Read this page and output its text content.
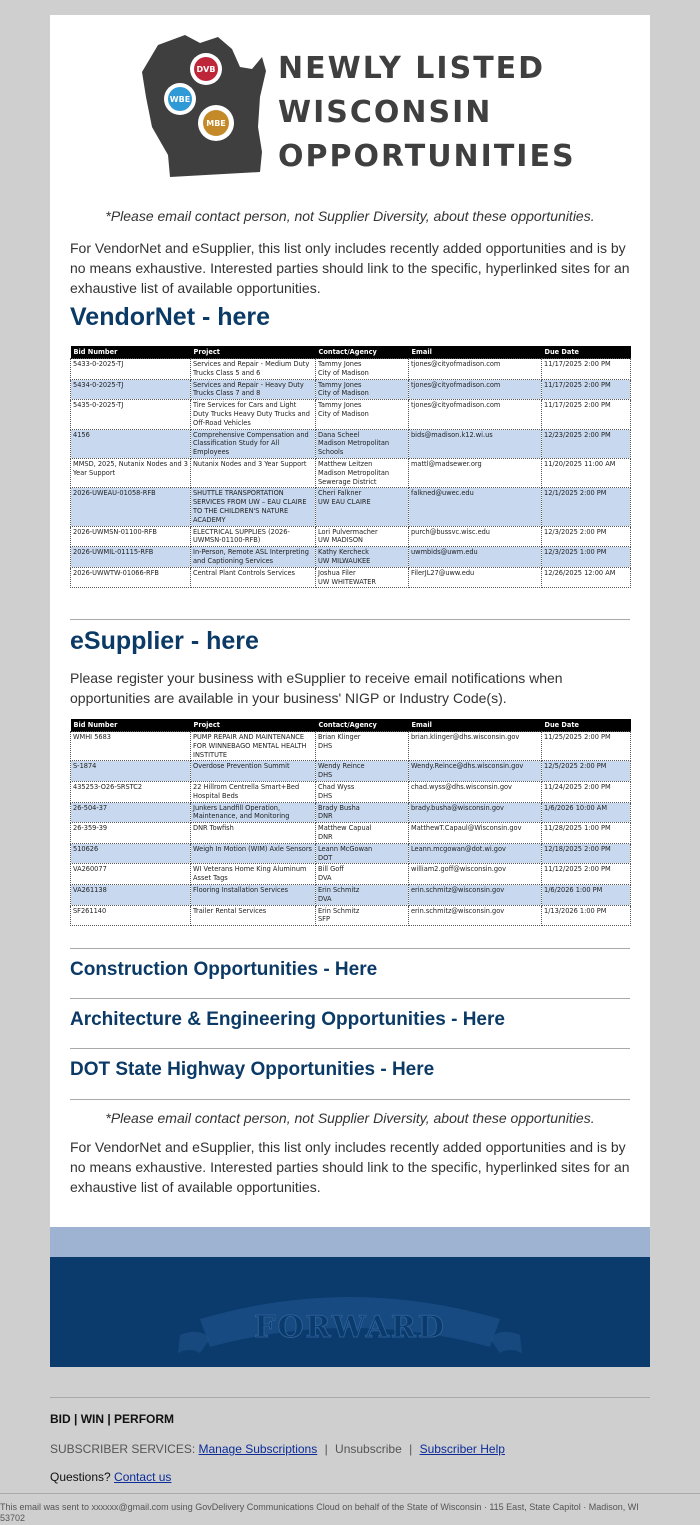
DVB
WBE
MBE
NEWLY LISTED
WISCONSIN
OPPORTUNITIES
*Please email contact person, not Supplier Diversity, about these opportunities.
For VendorNet and eSupplier, this list only includes recently added opportunities and is by no means exhaustive. Interested parties should link to the specific, hyperlinked sites for an exhaustive list of available opportunities.
VendorNet - here
Bid Number	Project	Contact/Agency	Email	Due Date
5433-0-2025-TJ	Services and Repair - Medium Duty Trucks Class 5 and 6	Tammy Jones
City of Madison	tjones@cityofmadison.com	11/17/2025 2:00 PM
5434-0-2025-TJ	Services and Repair - Heavy Duty Trucks Class 7 and 8	Tammy Jones
City of Madison	tjones@cityofmadison.com	11/17/2025 2:00 PM
5435-0-2025-TJ	Tire Services for Cars and Light Duty Trucks Heavy Duty Trucks and Off-Road Vehicles	Tammy Jones
City of Madison	tjones@cityofmadison.com	11/17/2025 2:00 PM
4156	Comprehensive Compensation and Classification Study for All Employees	Dana Scheel
Madison Metropolitan Schools	bids@madison.k12.wi.us	12/23/2025 2:00 PM
MMSD, 2025, Nutanix Nodes and 3 Year Support	Nutanix Nodes and 3 Year Support	Matthew Leitzen
Madison Metropolitan Sewerage District	mattl@madsewer.org	11/20/2025 11:00 AM
2026-UWEAU-01058-RFB	SHUTTLE TRANSPORTATION SERVICES FROM UW – EAU CLAIRE TO THE CHILDREN'S NATURE ACADEMY	Cheri Falkner
UW EAU CLAIRE	falkned@uwec.edu	12/1/2025 2:00 PM
2026-UWMSN-01100-RFB	ELECTRICAL SUPPLIES (2026-UWMSN-01100-RFB)	Lori Pulvermacher
UW MADISON	purch@bussvc.wisc.edu	12/3/2025 2:00 PM
2026-UWMIL-01115-RFB	In-Person, Remote ASL Interpreting and Captioning Services	Kathy Kercheck
UW MILWAUKEE	uwmbids@uwm.edu	12/3/2025 1:00 PM
2026-UWWTW-01066-RFB	Central Plant Controls Services	Joshua Filer
UW WHITEWATER	FilerJL27@uww.edu	12/26/2025 12:00 AM
eSupplier - here
Please register your business with eSupplier to receive email notifications when opportunities are available in your business' NIGP or Industry Code(s).
Bid Number	Project	Contact/Agency	Email	Due Date
WMHI 5683	PUMP REPAIR AND MAINTENANCE FOR WINNEBAGO MENTAL HEALTH INSTITUTE	Brian Klinger
DHS	brian.klinger@dhs.wisconsin.gov	11/25/2025 2:00 PM
S-1874	Overdose Prevention Summit	Wendy Reince
DHS	Wendy.Reince@dhs.wisconsin.gov	12/5/2025 2:00 PM
435253-O26-SRSTC2	22 Hillrom Centrella Smart+Bed Hospital Beds	Chad Wyss
DHS	chad.wyss@dhs.wisconsin.gov	11/24/2025 2:00 PM
26-504-37	Junkers Landfill Operation, Maintenance, and Monitoring	Brady Busha
DNR	brady.busha@wisconsin.gov	1/6/2026 10:00 AM
26-359-39	DNR Towfish	Matthew Capual
DNR	MatthewT.Capaul@Wisconsin.gov	11/28/2025 1:00 PM
510626	Weigh In Motion (WIM) Axle Sensors	Leann McGowan
DOT	Leann.mcgowan@dot.wi.gov	12/18/2025 2:00 PM
VA260077	WI Veterans Home King Aluminum Asset Tags	Bill Goff
DVA	william2.goff@wisconsin.gov	11/12/2025 2:00 PM
VA261138	Flooring Installation Services	Erin Schmitz
DVA	erin.schmitz@wisconsin.gov	1/6/2026 1:00 PM
SF261140	Trailer Rental Services	Erin Schmitz
SFP	erin.schmitz@wisconsin.gov	1/13/2026 1:00 PM
Construction Opportunities - Here
Architecture & Engineering Opportunities - Here
DOT State Highway Opportunities - Here
*Please email contact person, not Supplier Diversity, about these opportunities.
For VendorNet and eSupplier, this list only includes recently added opportunities and is by no means exhaustive. Interested parties should link to the specific, hyperlinked sites for an exhaustive list of available opportunities.
FORWARD
BID | WIN | PERFORM
SUBSCRIBER SERVICES: Manage Subscriptions | Unsubscribe | Subscriber Help
Questions? Contact us
This email was sent to xxxxxx@gmail.com using GovDelivery Communications Cloud on behalf of the State of Wisconsin · 115 East, State Capitol · Madison, WI 53702
